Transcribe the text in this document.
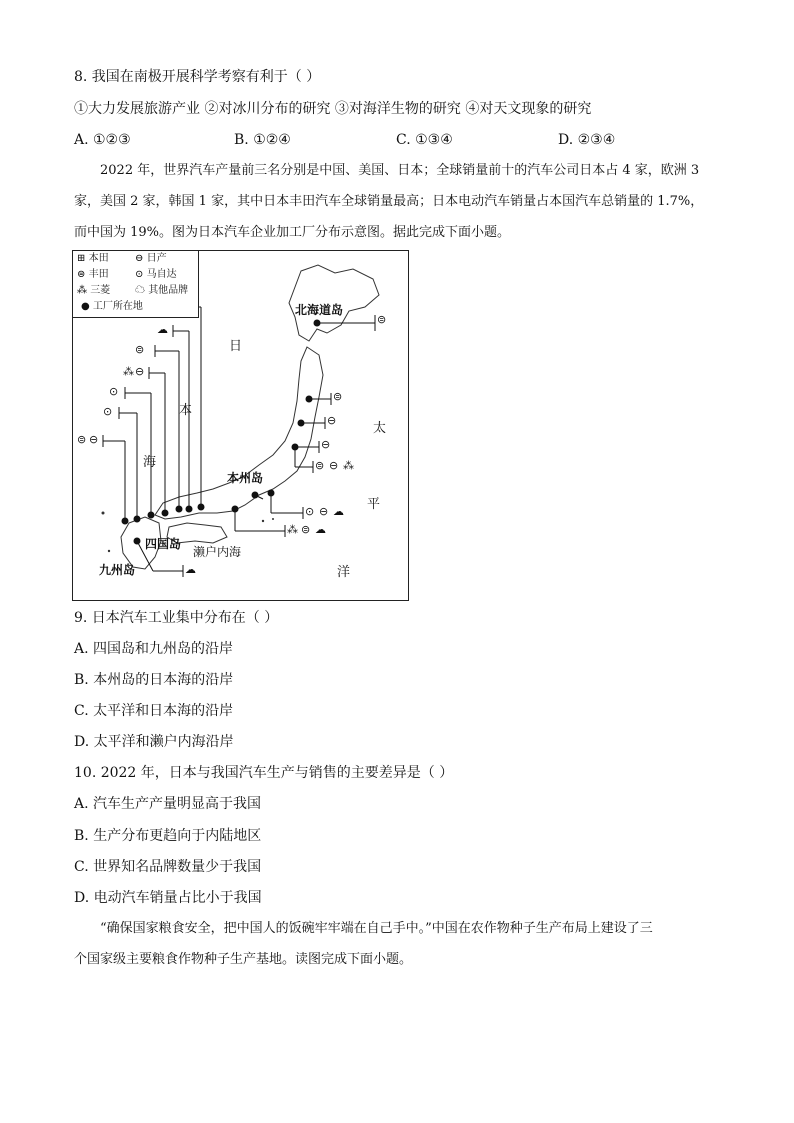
8. 我国在南极开展科学考察有利于（ ）
①大力发展旅游产业 ②对冰川分布的研究 ③对海洋生物的研究 ④对天文现象的研究
A. ①②③	B. ①②④	C. ①③④	D. ②③④
2022 年，世界汽车产量前三名分别是中国、美国、日本；全球销量前十的汽车公司日本占 4 家，欧洲 3
家，美国 2 家，韩国 1 家，其中日本丰田汽车全球销量最高；日本电动汽车销量占本国汽车总销量的 1.7%，
而中国为 19%。图为日本汽车企业加工厂分布示意图。据此完成下面小题。
⊜
⊜
⊖
⊖
⊜ ⊖ ⁂
⊙ ⊖ ☁
⁂ ⊜ ☁
☁
⊜
⁂ ⊖
⊙
⊙
⊜ ⊖
☁
⊞ 本田	⊖ 日产
⊜ 丰田	⊙ 马自达
⁂ 三菱 ☁ 其他品牌
● 工厂所在地	北海道岛
本州岛
四国岛
九州岛
濑户内海
日
本
海
太
平
洋
9. 日本汽车工业集中分布在（ ）
A. 四国岛和九州岛的沿岸
B. 本州岛的日本海的沿岸
C. 太平洋和日本海的沿岸
D. 太平洋和濑户内海沿岸
10. 2022 年，日本与我国汽车生产与销售的主要差异是（ ）
A. 汽车生产产量明显高于我国
B. 生产分布更趋向于内陆地区
C. 世界知名品牌数量少于我国
D. 电动汽车销量占比小于我国
“确保国家粮食安全，把中国人的饭碗牢牢端在自己手中。”中国在农作物种子生产布局上建设了三
个国家级主要粮食作物种子生产基地。读图完成下面小题。
